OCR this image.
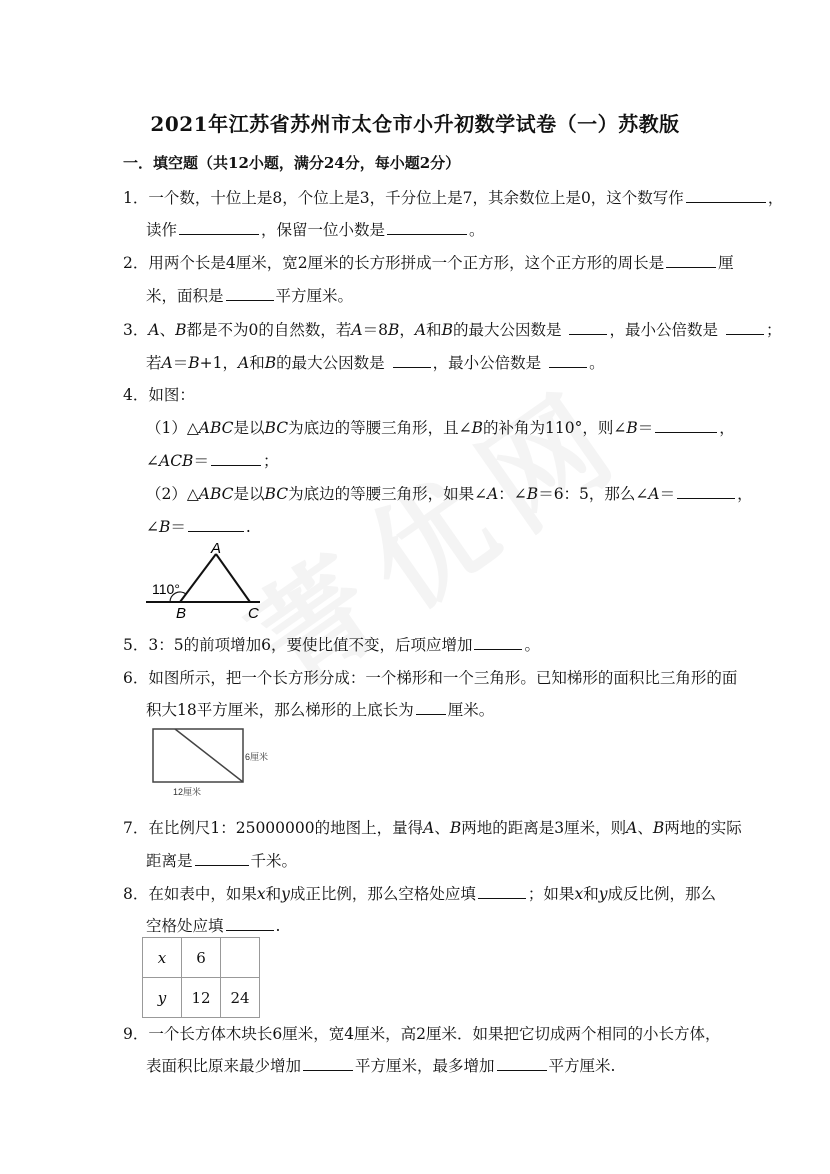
2021年江苏省苏州市太仓市小升初数学试卷（一）苏教版
一．填空题（共12小题，满分24分，每小题2分）
1．一个数，十位上是8，个位上是3，千分位上是7，其余数位上是0，这个数写作	，
读作	，保留一位小数是	。
2．用两个长是4厘米，宽2厘米的长方形拼成一个正方形，这个正方形的周长是	厘
米，面积是	平方厘米。
3．A、B都是不为0的自然数，若A＝8B，A和B的最大公因数是	，最小公倍数是	；
若A＝B+1，A和B的最大公因数是	，最小公倍数是	。
4．如图：
（1）△ABC是以BC为底边的等腰三角形，且∠B的补角为110°，则∠B＝	，
∠ACB＝	；
（2）△ABC是以BC为底边的等腰三角形，如果∠A：∠B＝6：5，那么∠A＝	，
∠B＝	.
110°
A
B	C
5．3：5的前项增加6，要使比值不变，后项应增加	。
6．如图所示，把一个长方形分成：一个梯形和一个三角形。已知梯形的面积比三角形的面
积大18平方厘米，那么梯形的上底长为 厘米。
6厘米
12厘米
7．在比例尺1：25000000的地图上，量得A、B两地的距离是3厘米，则A、B两地的实际
距离是	千米。
8．在如表中，如果x和y成正比例，那么空格处应填	；如果x和y成反比例，那么
空格处应填	.
x	6	
y	12	24
9．一个长方体木块长6厘米，宽4厘米，高2厘米．如果把它切成两个相同的小长方体，
表面积比原来最少增加	平方厘米，最多增加	平方厘米.
